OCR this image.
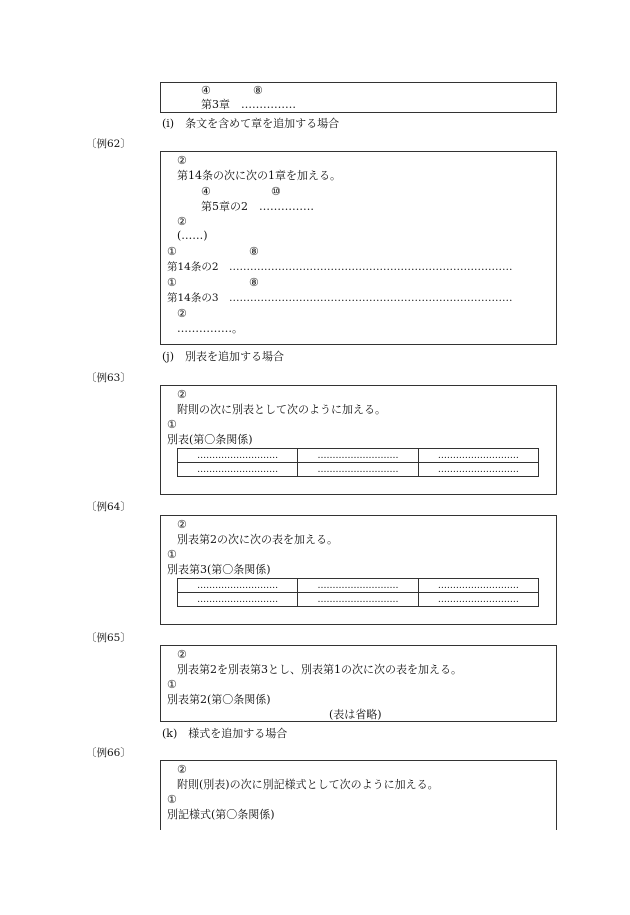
④	⑧
第3章　……………
(i)　条文を含めて章を追加する場合
〔例62〕
②
第14条の次に次の1章を加える。
④	⑩
第5章の2　……………
②
(……)
①	⑧
第14条の2　………………………………………………………………………
①	⑧
第14条の3　………………………………………………………………………
②
……………。
(j)　別表を追加する場合
〔例63〕
②
附則の次に別表として次のように加える。
①
別表(第〇条関係)
………………………	………………………	………………………
………………………	………………………	………………………
〔例64〕
②
別表第2の次に次の表を加える。
①
別表第3(第〇条関係)
………………………	………………………	………………………
………………………	………………………	………………………
〔例65〕
②
別表第2を別表第3とし、別表第1の次に次の表を加える。
①
別表第2(第〇条関係)
(表は省略)
(k)　様式を追加する場合
〔例66〕
②
附則(別表)の次に別記様式として次のように加える。
①
別記様式(第〇条関係)
